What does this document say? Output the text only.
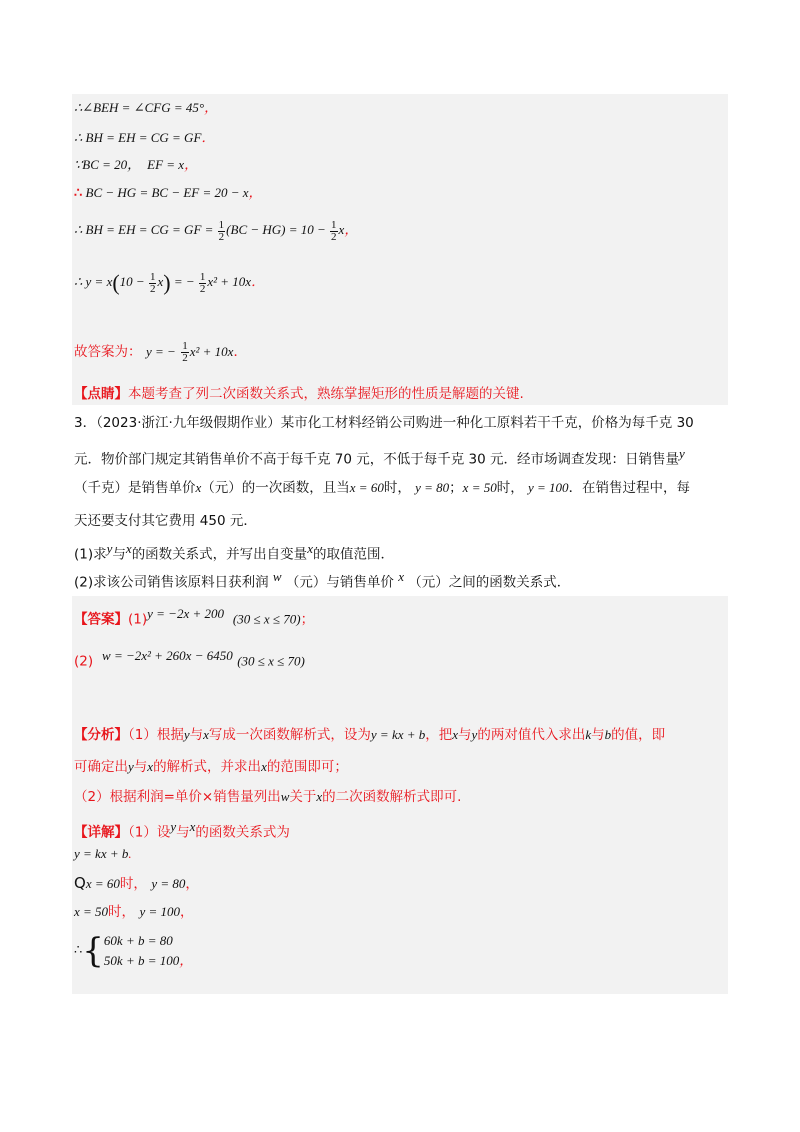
∴∠BEH = ∠CFG = 45°，
∴ BH = EH = CG = GF．
∵BC = 20， EF = x，
∴ BC − HG = BC − EF = 20 − x，
∴ BH = EH = CG = GF = $\frac{1}{2} (BC - HG) = 10 - \frac{1}{2}$ x，
∴ $y = x(10 - \frac{1}{2} x)$ = − $\frac{1}{2} x^2 + 10x$．
故答案为： y = − $\frac{1}{2} x^2 + 10x$．
【点睛】本题考查了列二次函数关系式，熟练掌握矩形的性质是解题的关键.
3．（2023·浙江·九年级假期作业）某市化工材料经销公司购进一种化工原料若干千克，价格为每千克 30
元．物价部门规定其销售单价不高于每千克 70 元，不低于每千克 30 元．经市场调查发现：日销售量y
（千克）是销售单价x（元）的一次函数，且当x = 60时， y = 80；x = 50时， y = 100．在销售过程中，每
天还要支付其它费用 450 元．
(1)求y与x的函数关系式，并写出自变量x的取值范围．
(2)求该公司销售该原料日获利润 w （元）与销售单价 x （元）之间的函数关系式．
【答案】(1)y = −2x + 200 (30 ≤ x ≤ 70)；
(2) w = −2x² + 260x − 6450 (30 ≤ x ≤ 70)
【分析】（1）根据y与x写成一次函数解析式，设为y = kx + b，把x与y的两对值代入求出k与b的值，即
可确定出y与x的解析式，并求出x的范围即可；
（2）根据利润=单价×销售量列出w关于x的二次函数解析式即可.
【详解】（1）设y与x的函数关系式为
y = kx + b.
Qx = 60时， y = 80，
x = 50时， y = 100，
∴{ 60k + b = 80
50k + b = 100，
